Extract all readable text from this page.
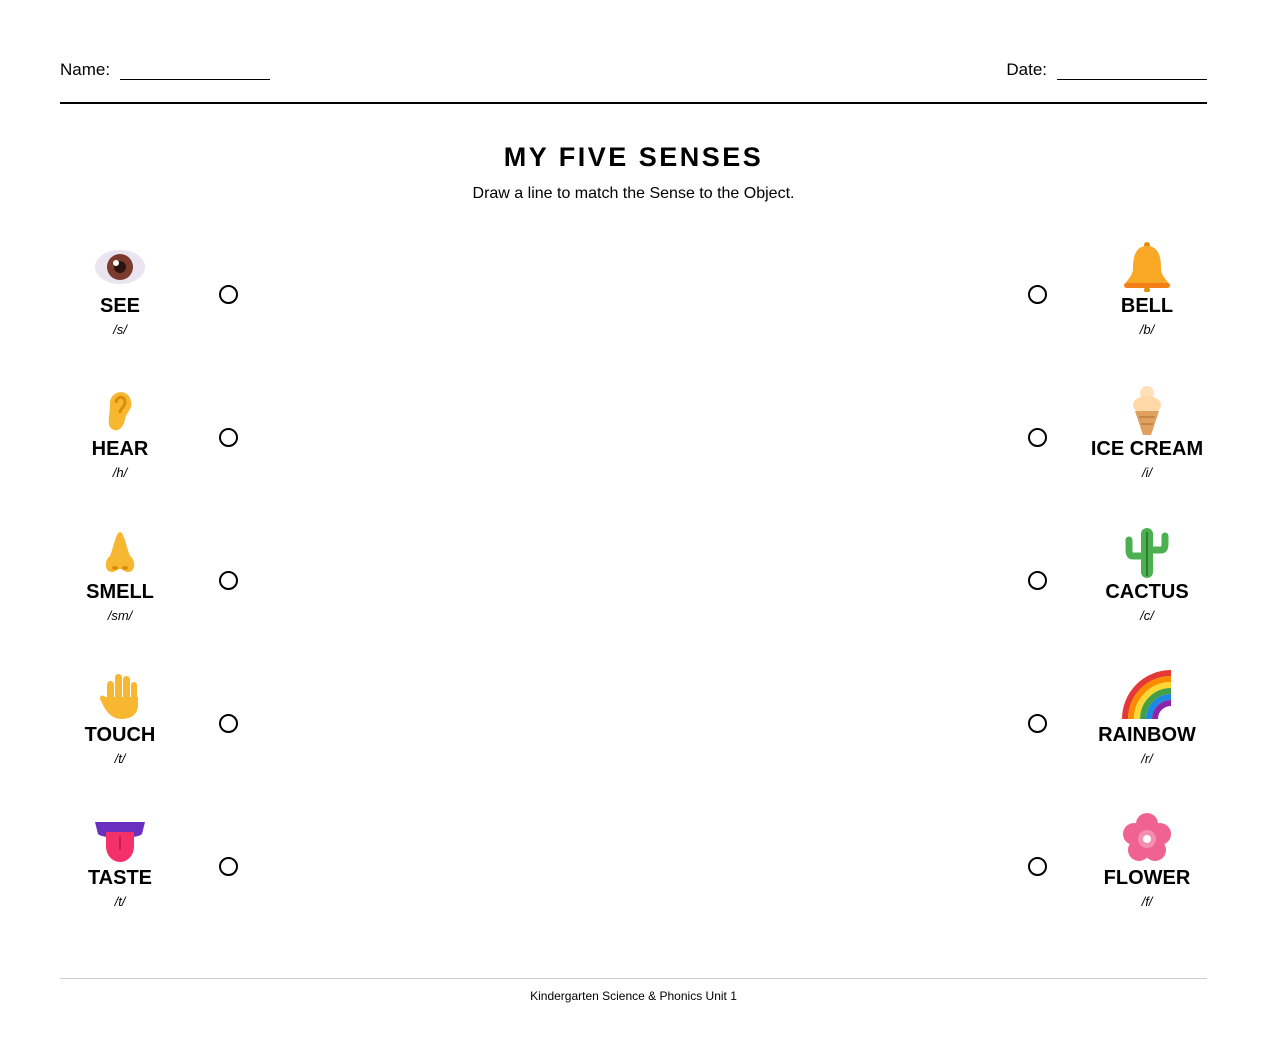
Name:	Date:
MY FIVE SENSES
Draw a line to match the Sense to the Object.
SEE
/s/
HEAR
/h/
SMELL
/sm/
TOUCH
/t/
TASTE
/t/
BELL
/b/
ICE CREAM
/i/
CACTUS
/c/
RAINBOW
/r/
FLOWER
/f/
Kindergarten Science & Phonics Unit 1
